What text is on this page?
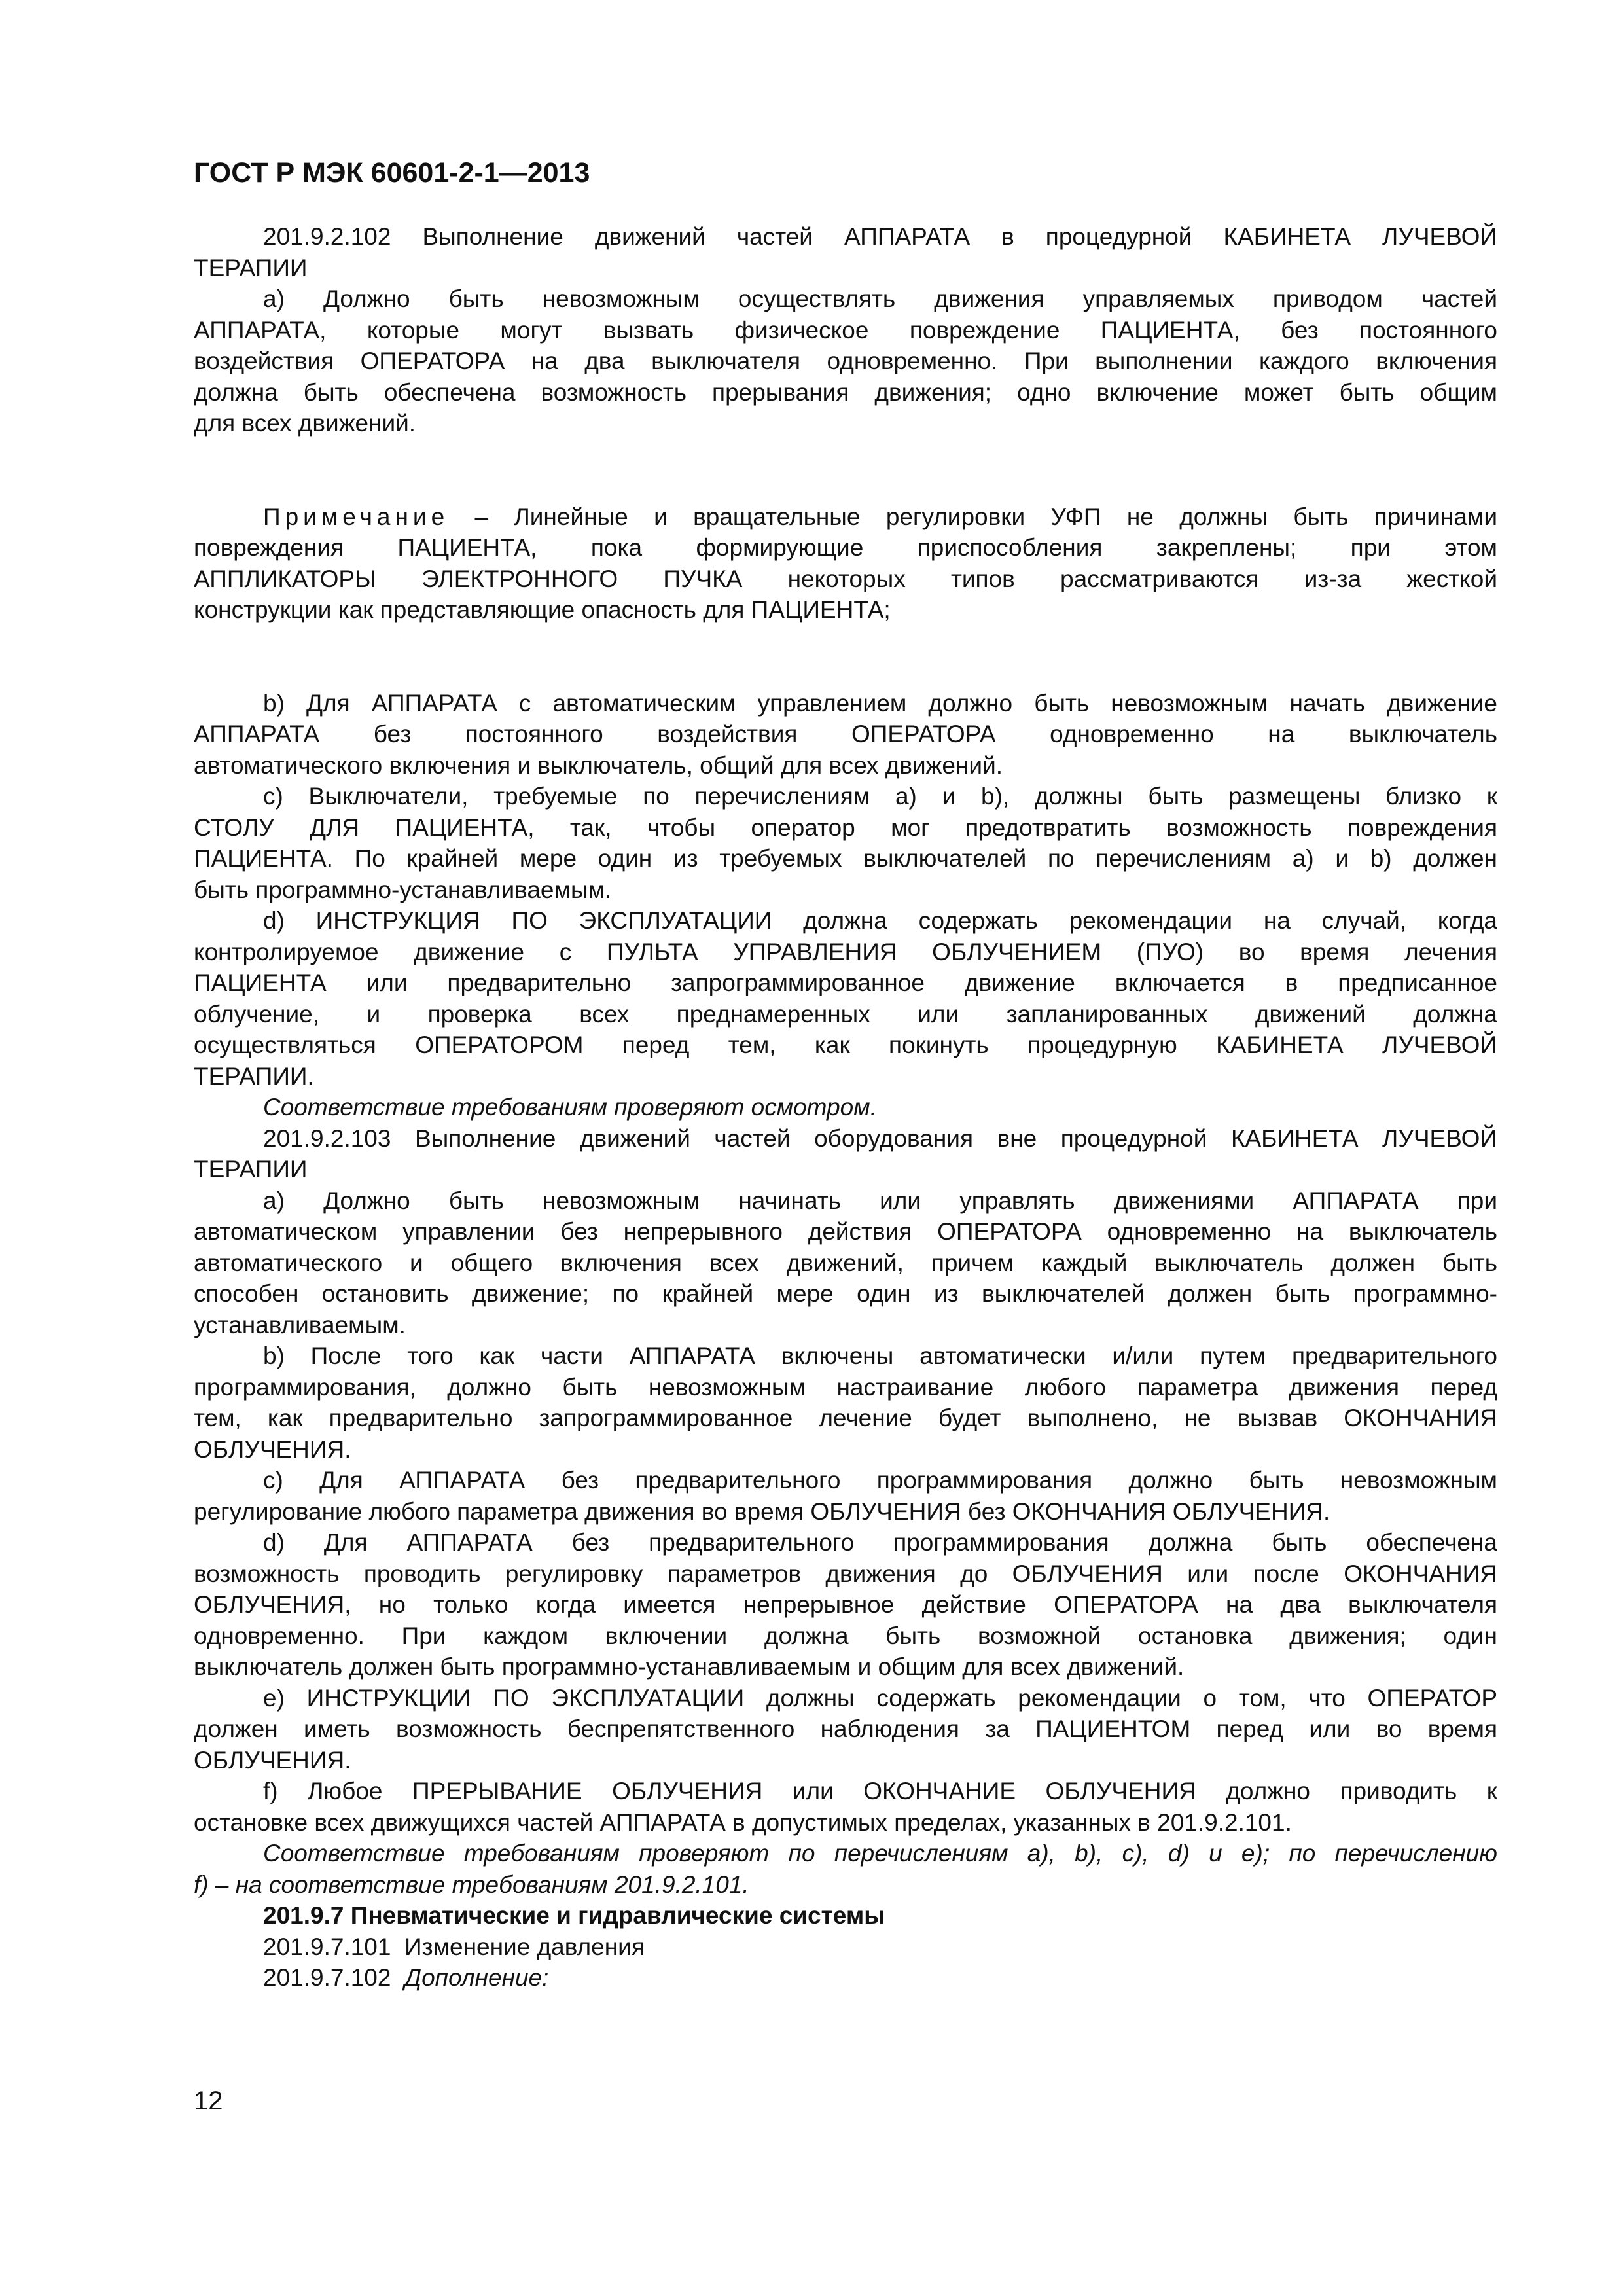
ГОСТ Р МЭК 60601-2-1—2013
201.9.2.102 Выполнение движений частей АППАРАТА в процедурной КАБИНЕТА ЛУЧЕВОЙ
ТЕРАПИИ
а) Должно быть невозможным осуществлять движения управляемых приводом частей
АППАРАТА, которые могут вызвать физическое повреждение ПАЦИЕНТА, без постоянного
воздействия ОПЕРАТОРА на два выключателя одновременно. При выполнении каждого включения
должна быть обеспечена возможность прерывания движения; одно включение может быть общим
для всех движений.
Примечание – Линейные и вращательные регулировки УФП не должны быть причинами
повреждения ПАЦИЕНТА, пока формирующие приспособления закреплены; при этом
АППЛИКАТОРЫ ЭЛЕКТРОННОГО ПУЧКА некоторых типов рассматриваются из-за жесткой
конструкции как представляющие опасность для ПАЦИЕНТА;
b) Для АППАРАТА с автоматическим управлением должно быть невозможным начать движение
АППАРАТА без постоянного воздействия ОПЕРАТОРА одновременно на выключатель
автоматического включения и выключатель, общий для всех движений.
с) Выключатели, требуемые по перечислениям а) и b), должны быть размещены близко к
СТОЛУ ДЛЯ ПАЦИЕНТА, так, чтобы оператор мог предотвратить возможность повреждения
ПАЦИЕНТА. По крайней мере один из требуемых выключателей по перечислениям а) и b) должен
быть программно-устанавливаемым.
d) ИНСТРУКЦИЯ ПО ЭКСПЛУАТАЦИИ должна содержать рекомендации на случай, когда
контролируемое движение с ПУЛЬТА УПРАВЛЕНИЯ ОБЛУЧЕНИЕМ (ПУО) во время лечения
ПАЦИЕНТА или предварительно запрограммированное движение включается в предписанное
облучение, и проверка всех преднамеренных или запланированных движений должна
осуществляться ОПЕРАТОРОМ перед тем, как покинуть процедурную КАБИНЕТА ЛУЧЕВОЙ
ТЕРАПИИ.
Соответствие требованиям проверяют осмотром.
201.9.2.103 Выполнение движений частей оборудования вне процедурной КАБИНЕТА ЛУЧЕВОЙ
ТЕРАПИИ
а) Должно быть невозможным начинать или управлять движениями АППАРАТА при
автоматическом управлении без непрерывного действия ОПЕРАТОРА одновременно на выключатель
автоматического и общего включения всех движений, причем каждый выключатель должен быть
способен остановить движение; по крайней мере один из выключателей должен быть программно-
устанавливаемым.
b) После того как части АППАРАТА включены автоматически и/или путем предварительного
программирования, должно быть невозможным настраивание любого параметра движения перед
тем, как предварительно запрограммированное лечение будет выполнено, не вызвав ОКОНЧАНИЯ
ОБЛУЧЕНИЯ.
с) Для АППАРАТА без предварительного программирования должно быть невозможным
регулирование любого параметра движения во время ОБЛУЧЕНИЯ без ОКОНЧАНИЯ ОБЛУЧЕНИЯ.
d) Для АППАРАТА без предварительного программирования должна быть обеспечена
возможность проводить регулировку параметров движения до ОБЛУЧЕНИЯ или после ОКОНЧАНИЯ
ОБЛУЧЕНИЯ, но только когда имеется непрерывное действие ОПЕРАТОРА на два выключателя
одновременно. При каждом включении должна быть возможной остановка движения; один
выключатель должен быть программно-устанавливаемым и общим для всех движений.
е) ИНСТРУКЦИИ ПО ЭКСПЛУАТАЦИИ должны содержать рекомендации о том, что ОПЕРАТОР
должен иметь возможность беспрепятственного наблюдения за ПАЦИЕНТОМ перед или во время
ОБЛУЧЕНИЯ.
f) Любое ПРЕРЫВАНИЕ ОБЛУЧЕНИЯ или ОКОНЧАНИЕ ОБЛУЧЕНИЯ должно приводить к
остановке всех движущихся частей АППАРАТА в допустимых пределах, указанных в 201.9.2.101.
Соответствие требованиям проверяют по перечислениям а), b), c), d) и е); по перечислению
f) – на соответствие требованиям 201.9.2.101.
201.9.7 Пневматические и гидравлические системы
201.9.7.101 Изменение давления
201.9.7.102 Дополнение:
12
